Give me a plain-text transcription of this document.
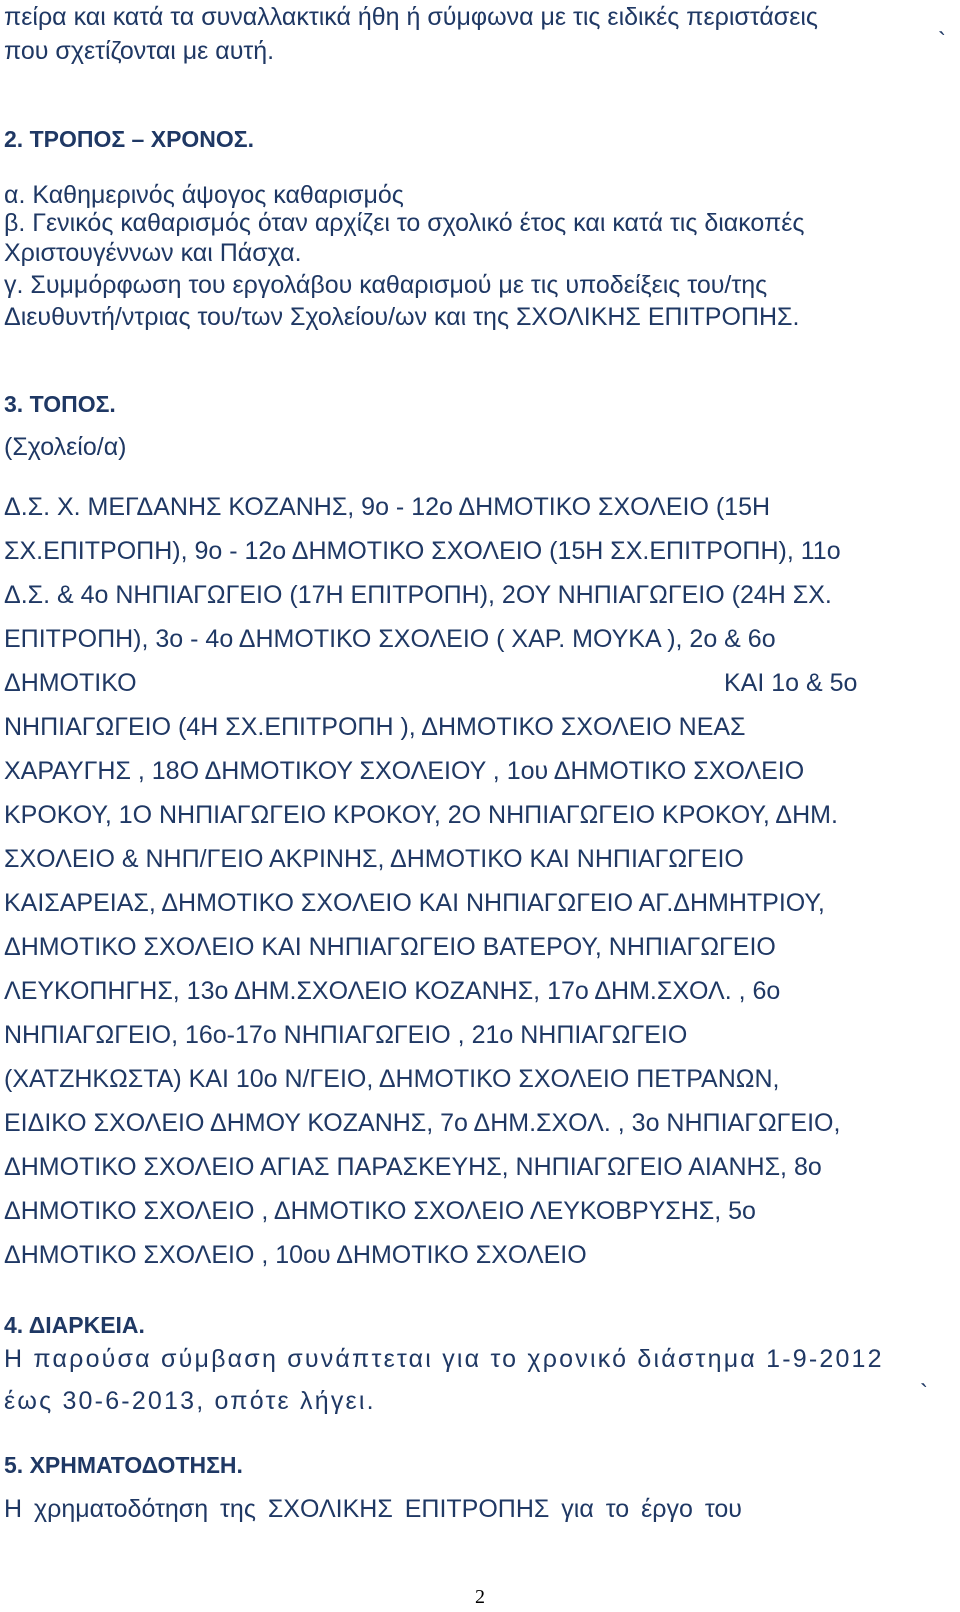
πείρα και κατά τα συναλλακτικά ήθη ή σύμφωνα με τις ειδικές περιστάσεις
που σχετίζονται με αυτή.	`
2. ΤΡΟΠΟΣ – ΧΡΟΝΟΣ.
α. Καθημερινός άψογος καθαρισμός
β. Γενικός καθαρισμός όταν αρχίζει το σχολικό έτος και κατά τις διακοπές
Χριστουγέννων και Πάσχα.
γ. Συμμόρφωση του εργολάβου καθαρισμού με τις υποδείξεις του/της
Διευθυντή/ντριας του/των Σχολείου/ων και της ΣΧΟΛΙΚΗΣ ΕΠΙΤΡΟΠΗΣ.
3. ΤΟΠΟΣ.
(Σχολείο/α)
Δ.Σ. Χ. ΜΕΓΔΑΝΗΣ ΚΟΖΑΝΗΣ, 9ο - 12ο ΔΗΜΟΤΙΚΟ ΣΧΟΛΕΙΟ (15Η
ΣΧ.ΕΠΙΤΡΟΠΗ), 9ο - 12ο ΔΗΜΟΤΙΚΟ ΣΧΟΛΕΙΟ (15Η ΣΧ.ΕΠΙΤΡΟΠΗ), 11ο
Δ.Σ. & 4ο ΝΗΠΙΑΓΩΓΕΙΟ (17Η ΕΠΙΤΡΟΠΗ), 2ΟΥ ΝΗΠΙΑΓΩΓΕΙΟ (24Η ΣΧ.
ΕΠΙΤΡΟΠΗ), 3ο - 4ο ΔΗΜΟΤΙΚΟ ΣΧΟΛΕΙΟ ( ΧΑΡ. ΜΟΥΚΑ ), 2ο & 6ο
ΔΗΜΟΤΙΚΟ	ΚΑΙ 1ο & 5ο
ΝΗΠΙΑΓΩΓΕΙΟ (4Η ΣΧ.ΕΠΙΤΡΟΠΗ ), ΔΗΜΟΤΙΚΟ ΣΧΟΛΕΙΟ ΝΕΑΣ
ΧΑΡΑΥΓΗΣ , 18Ο ΔΗΜΟΤΙΚΟΥ ΣΧΟΛΕΙΟΥ , 1ου ΔΗΜΟΤΙΚΟ ΣΧΟΛΕΙΟ
ΚΡΟΚΟΥ, 1Ο ΝΗΠΙΑΓΩΓΕΙΟ ΚΡΟΚΟΥ, 2Ο ΝΗΠΙΑΓΩΓΕΙΟ ΚΡΟΚΟΥ, ΔΗΜ.
ΣΧΟΛΕΙΟ & ΝΗΠ/ΓΕΙΟ ΑΚΡΙΝΗΣ, ΔΗΜΟΤΙΚΟ ΚΑΙ ΝΗΠΙΑΓΩΓΕΙΟ
ΚΑΙΣΑΡΕΙΑΣ, ΔΗΜΟΤΙΚΟ ΣΧΟΛΕΙΟ ΚΑΙ ΝΗΠΙΑΓΩΓΕΙΟ ΑΓ.ΔΗΜΗΤΡΙΟΥ,
ΔΗΜΟΤΙΚΟ ΣΧΟΛΕΙΟ ΚΑΙ ΝΗΠΙΑΓΩΓΕΙΟ ΒΑΤΕΡΟΥ, ΝΗΠΙΑΓΩΓΕΙΟ
ΛΕΥΚΟΠΗΓΗΣ, 13ο ΔΗΜ.ΣΧΟΛΕΙΟ ΚΟΖΑΝΗΣ, 17ο ΔΗΜ.ΣΧΟΛ. , 6ο
ΝΗΠΙΑΓΩΓΕΙΟ, 16ο-17ο ΝΗΠΙΑΓΩΓΕΙΟ , 21ο ΝΗΠΙΑΓΩΓΕΙΟ
(ΧΑΤΖΗΚΩΣΤΑ) ΚΑΙ 10ο Ν/ΓΕΙΟ, ΔΗΜΟΤΙΚΟ ΣΧΟΛΕΙΟ ΠΕΤΡΑΝΩΝ,
ΕΙΔΙΚΟ ΣΧΟΛΕΙΟ ΔΗΜΟΥ ΚΟΖΑΝΗΣ, 7ο ΔΗΜ.ΣΧΟΛ. , 3ο ΝΗΠΙΑΓΩΓΕΙΟ,
ΔΗΜΟΤΙΚΟ ΣΧΟΛΕΙΟ ΑΓΙΑΣ ΠΑΡΑΣΚΕΥΗΣ, ΝΗΠΙΑΓΩΓΕΙΟ ΑΙΑΝΗΣ, 8ο
ΔΗΜΟΤΙΚΟ ΣΧΟΛΕΙΟ , ΔΗΜΟΤΙΚΟ ΣΧΟΛΕΙΟ ΛΕΥΚΟΒΡΥΣΗΣ, 5ο
ΔΗΜΟΤΙΚΟ ΣΧΟΛΕΙΟ , 10ου ΔΗΜΟΤΙΚΟ ΣΧΟΛΕΙΟ
4. ΔΙΑΡΚΕΙΑ.
Η παρούσα σύμβαση συνάπτεται για το χρονικό διάστημα 1-9-2012
έως 30-6-2013, οπότε λήγει.	`
5. ΧΡΗΜΑΤΟΔΟΤΗΣΗ.
Η χρηματοδότηση της ΣΧΟΛΙΚΗΣ ΕΠΙΤΡΟΠΗΣ για το έργο του
2
